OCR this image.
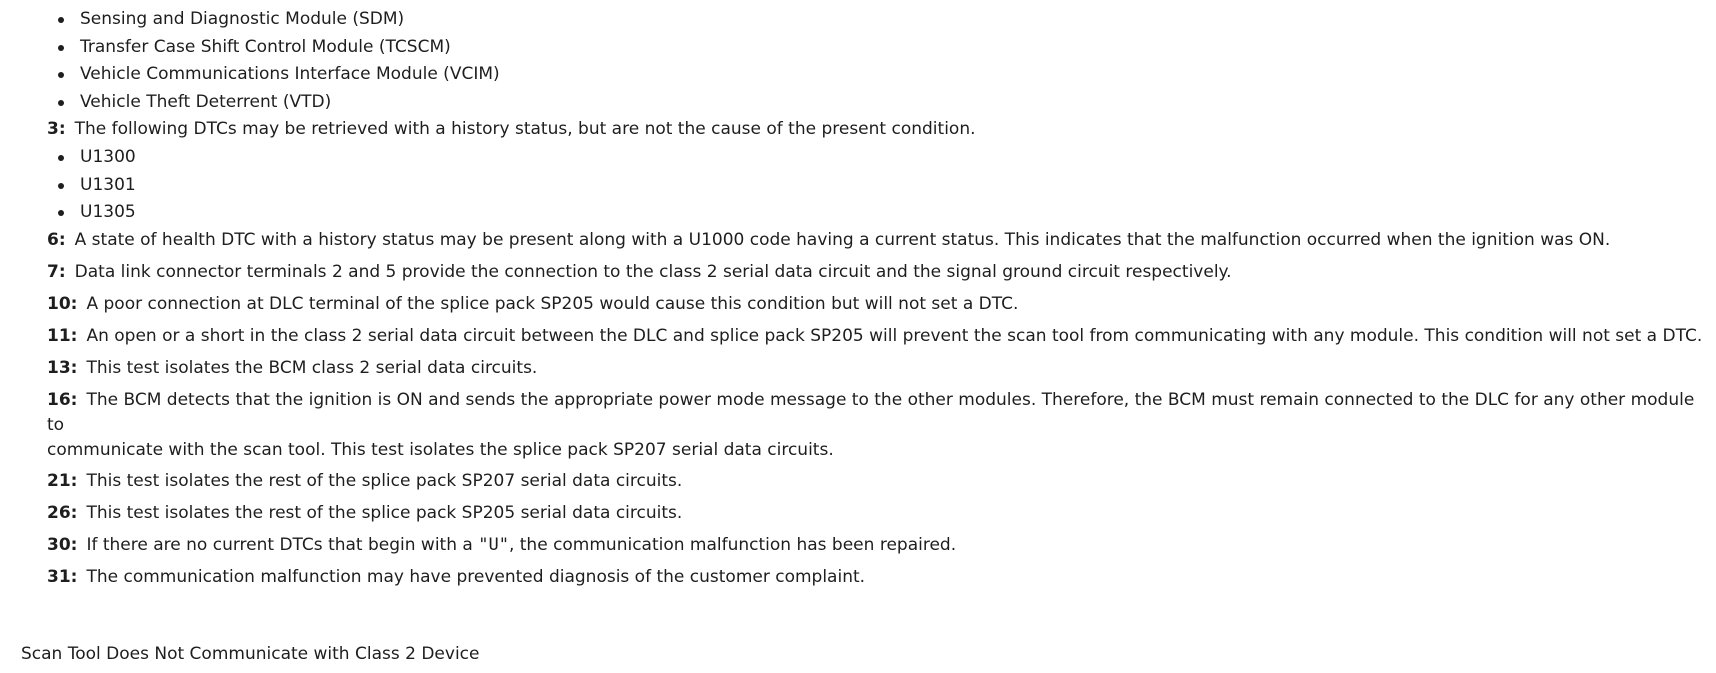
Sensing and Diagnostic Module (SDM)
Transfer Case Shift Control Module (TCSCM)
Vehicle Communications Interface Module (VCIM)
Vehicle Theft Deterrent (VTD)
3: The following DTCs may be retrieved with a history status, but are not the cause of the present condition.
U1300
U1301
U1305
6: A state of health DTC with a history status may be present along with a U1000 code having a current status. This indicates that the malfunction occurred when the ignition was ON.
7: Data link connector terminals 2 and 5 provide the connection to the class 2 serial data circuit and the signal ground circuit respectively.
10: A poor connection at DLC terminal of the splice pack SP205 would cause this condition but will not set a DTC.
11: An open or a short in the class 2 serial data circuit between the DLC and splice pack SP205 will prevent the scan tool from communicating with any module. This condition will not set a DTC.
13: This test isolates the BCM class 2 serial data circuits.
16: The BCM detects that the ignition is ON and sends the appropriate power mode message to the other modules. Therefore, the BCM must remain connected to the DLC for any other module to
communicate with the scan tool. This test isolates the splice pack SP207 serial data circuits.
21: This test isolates the rest of the splice pack SP207 serial data circuits.
26: This test isolates the rest of the splice pack SP205 serial data circuits.
30: If there are no current DTCs that begin with a "U", the communication malfunction has been repaired.
31: The communication malfunction may have prevented diagnosis of the customer complaint.
Scan Tool Does Not Communicate with Class 2 Device
